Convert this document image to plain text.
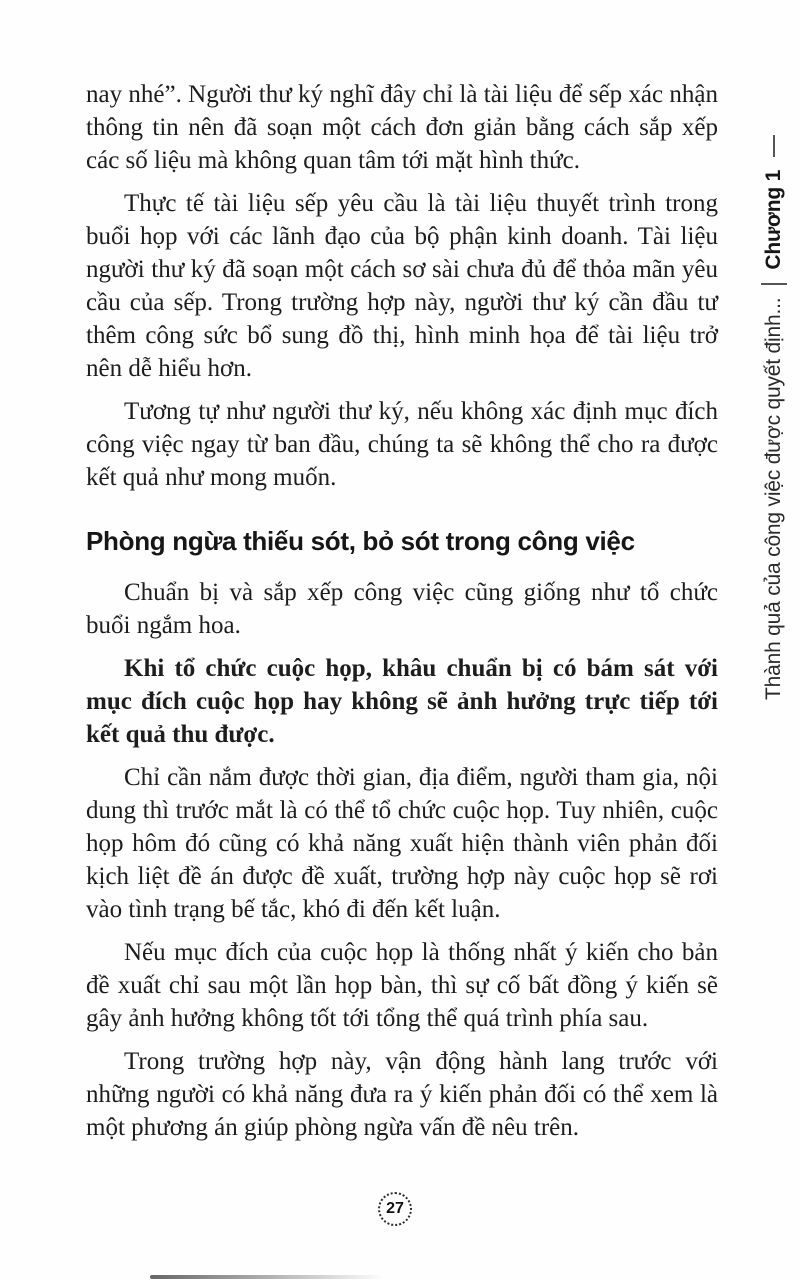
nay nhé”. Người thư ký nghĩ đây chỉ là tài liệu để sếp xác nhận thông tin nên đã soạn một cách đơn giản bằng cách sắp xếp các số liệu mà không quan tâm tới mặt hình thức.

Thực tế tài liệu sếp yêu cầu là tài liệu thuyết trình trong buổi họp với các lãnh đạo của bộ phận kinh doanh. Tài liệu người thư ký đã soạn một cách sơ sài chưa đủ để thỏa mãn yêu cầu của sếp. Trong trường hợp này, người thư ký cần đầu tư thêm công sức bổ sung đồ thị, hình minh họa để tài liệu trở nên dễ hiểu hơn.

Tương tự như người thư ký, nếu không xác định mục đích công việc ngay từ ban đầu, chúng ta sẽ không thể cho ra được kết quả như mong muốn.

Phòng ngừa thiếu sót, bỏ sót trong công việc

Chuẩn bị và sắp xếp công việc cũng giống như tổ chức buổi ngắm hoa.

Khi tổ chức cuộc họp, khâu chuẩn bị có bám sát với mục đích cuộc họp hay không sẽ ảnh hưởng trực tiếp tới kết quả thu được.

Chỉ cần nắm được thời gian, địa điểm, người tham gia, nội dung thì trước mắt là có thể tổ chức cuộc họp. Tuy nhiên, cuộc họp hôm đó cũng có khả năng xuất hiện thành viên phản đối kịch liệt đề án được đề xuất, trường hợp này cuộc họp sẽ rơi vào tình trạng bế tắc, khó đi đến kết luận.

Nếu mục đích của cuộc họp là thống nhất ý kiến cho bản đề xuất chỉ sau một lần họp bàn, thì sự cố bất đồng ý kiến sẽ gây ảnh hưởng không tốt tới tổng thể quá trình phía sau.

Trong trường hợp này, vận động hành lang trước với những người có khả năng đưa ra ý kiến phản đối có thể xem là một phương án giúp phòng ngừa vấn đề nêu trên.

Thành quả của công việc được quyết định...
Chương 1
27
